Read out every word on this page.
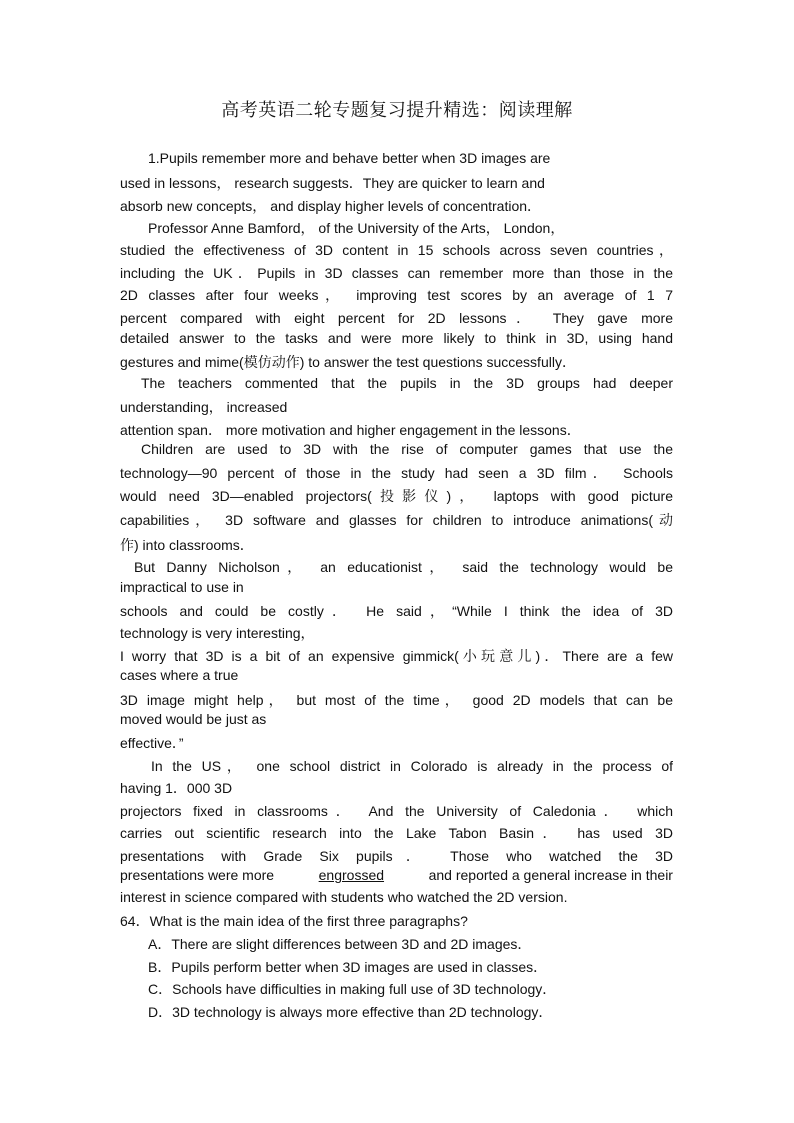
高考英语二轮专题复习提升精选：阅读理解
1.Pupils remember more and behave better when 3D images are
used in lessons， research suggests．They are quicker to learn and
absorb new concepts， and display higher levels of concentration．
Professor Anne Bamford， of the University of the Arts， London，
studied the effectiveness of 3D content in 15 schools across seven countries，
including the UK．Pupils in 3D classes can remember more than those in the
2D classes after four weeks， improving test scores by an average of 1 7
percent compared with eight percent for 2D lessons． They gave more
detailed answer to the tasks and were more likely to think in 3D, using hand
gestures and mime(模仿动作) to answer the test questions successfully．
The teachers commented that the pupils in the 3D groups had deeper
understanding， increased
attention span． more motivation and higher engagement in the lessons．
Children are used to 3D with the rise of computer games that use the
technology—90 percent of those in the study had seen a 3D film． Schools
would need 3D—enabled projectors(投影仪)， laptops with good picture
capabilities， 3D software and glasses for children to introduce animations(动
作) into classrooms．
But Danny Nicholson， an educationist， said the technology would be
impractical to use in
schools and could be costly． He said，“While I think the idea of 3D
technology is very interesting，
I worry that 3D is a bit of an expensive gimmick(小玩意儿)．There are a few
cases where a true
3D image might help， but most of the time， good 2D models that can be
moved would be just as
effective．”
In the US， one school district in Colorado is already in the process of
having 1．000 3D
projectors fixed in classrooms． And the University of Caledonia． which
carries out scientific research into the Lake Tabon Basin． has used 3D
presentations with Grade Six pupils． Those who watched the 3D
presentations were more	engrossed	and reported a general increase in their
interest in science compared with students who watched the 2D version.
64．What is the main idea of the first three paragraphs?
A．There are slight differences between 3D and 2D images．
B．Pupils perform better when 3D images are used in classes．
C．Schools have difficulties in making full use of 3D technology．
D．3D technology is always more effective than 2D technology．
